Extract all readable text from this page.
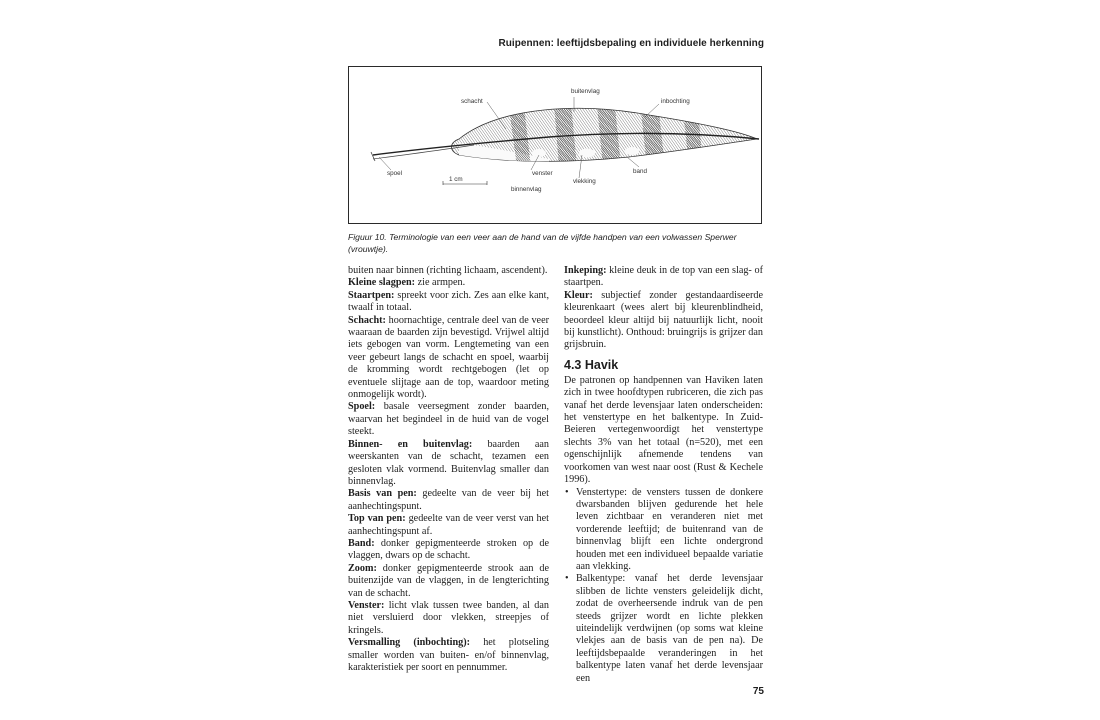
Ruipennen: leeftijdsbepaling en individuele herkenning
schacht
buitenvlag
inbochting
spoel
1 cm
venster	band
vlekking
binnenvlag
Figuur 10. Terminologie van een veer aan de hand van de vijfde handpen van een volwassen Sperwer (vrouwtje).

buiten naar binnen (richting lichaam, ascendent).

Kleine slagpen: zie armpen.

Staartpen: spreekt voor zich. Zes aan elke kant, twaalf in totaal.

Schacht: hoornachtige, centrale deel van de veer waaraan de baarden zijn bevestigd. Vrijwel altijd iets gebogen van vorm. Lengtemeting van een veer gebeurt langs de schacht en spoel, waarbij de kromming wordt rechtgebogen (let op eventuele slijtage aan de top, waardoor meting onmogelijk wordt).

Spoel: basale veersegment zonder baarden, waarvan het begindeel in de huid van de vogel steekt.

Binnen- en buitenvlag: baarden aan weerskanten van de schacht, tezamen een gesloten vlak vormend. Buitenvlag smaller dan binnenvlag.

Basis van pen: gedeelte van de veer bij het aanhechtingspunt.

Top van pen: gedeelte van de veer verst van het aanhechtingspunt af.

Band: donker gepigmenteerde stroken op de vlaggen, dwars op de schacht.

Zoom: donker gepigmenteerde strook aan de buitenzijde van de vlaggen, in de lengterichting van de schacht.

Venster: licht vlak tussen twee banden, al dan niet versluierd door vlekken, streepjes of kringels.

Versmalling (inbochting): het plotseling smaller worden van buiten- en/of binnenvlag, karakteristiek per soort en pennummer.

Inkeping: kleine deuk in de top van een slag- of staartpen.

Kleur: subjectief zonder gestandaardiseerde kleurenkaart (wees alert bij kleurenblindheid, beoordeel kleur altijd bij natuurlijk licht, nooit bij kunstlicht). Onthoud: bruingrijs is grijzer dan grijsbruin.

4.3 Havik

De patronen op handpennen van Haviken laten zich in twee hoofdtypen rubriceren, die zich pas vanaf het derde levensjaar laten onderscheiden: het venstertype en het balkentype. In Zuid-Beieren vertegenwoordigt het venstertype slechts 3% van het totaal (n=520), met een ogenschijnlijk afnemende tendens van voorkomen van west naar oost (Rust & Kechele 1996).

• Venstertype: de vensters tussen de donkere dwarsbanden blijven gedurende het hele leven zichtbaar en veranderen niet met vorderende leeftijd; de buitenrand van de binnenvlag blijft een lichte ondergrond houden met een individueel bepaalde variatie aan vlekking.
• Balkentype: vanaf het derde levensjaar slibben de lichte vensters geleidelijk dicht, zodat de overheersende indruk van de pen steeds grijzer wordt en lichte plekken uiteindelijk verdwijnen (op soms wat kleine vlekjes aan de basis van de pen na). De leeftijdsbepaalde veranderingen in het balkentype laten vanaf het derde levensjaar een
75
